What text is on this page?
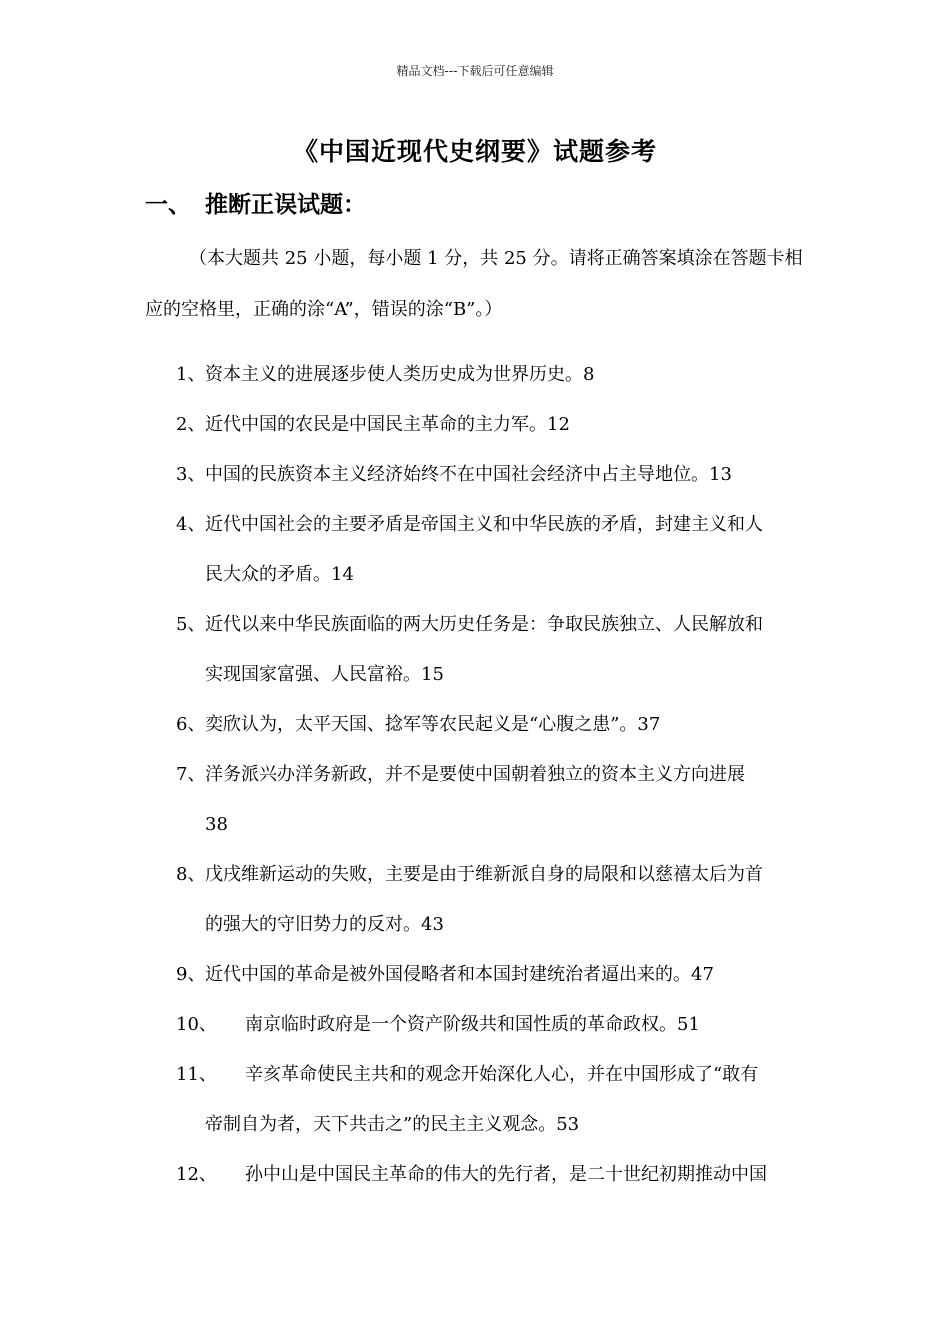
精品文档---下载后可任意编辑
《中国近现代史纲要》试题参考
一、 推断正误试题：
（本大题共 25 小题，每小题 1 分，共 25 分。请将正确答案填涂在答题卡相应的空格里，正确的涂“A”，错误的涂“B”。）
1、 资本主义的进展逐步使人类历史成为世界历史。8
2、 近代中国的农民是中国民主革命的主力军。12
3、 中国的民族资本主义经济始终不在中国社会经济中占主导地位。13
4、 近代中国社会的主要矛盾是帝国主义和中华民族的矛盾，封建主义和人
民大众的矛盾。14
5、 近代以来中华民族面临的两大历史任务是：争取民族独立、人民解放和
实现国家富强、人民富裕。15
6、 奕欣认为，太平天国、捻军等农民起义是“心腹之患”。37
7、 洋务派兴办洋务新政，并不是要使中国朝着独立的资本主义方向进展
38
8、 戊戌维新运动的失败，主要是由于维新派自身的局限和以慈禧太后为首
的强大的守旧势力的反对。43
9、 近代中国的革命是被外国侵略者和本国封建统治者逼出来的。47
10、 南京临时政府是一个资产阶级共和国性质的革命政权。51
11、 辛亥革命使民主共和的观念开始深化人心，并在中国形成了“敢有
帝制自为者，天下共击之”的民主主义观念。53
12、 孙中山是中国民主革命的伟大的先行者，是二十世纪初期推动中国
